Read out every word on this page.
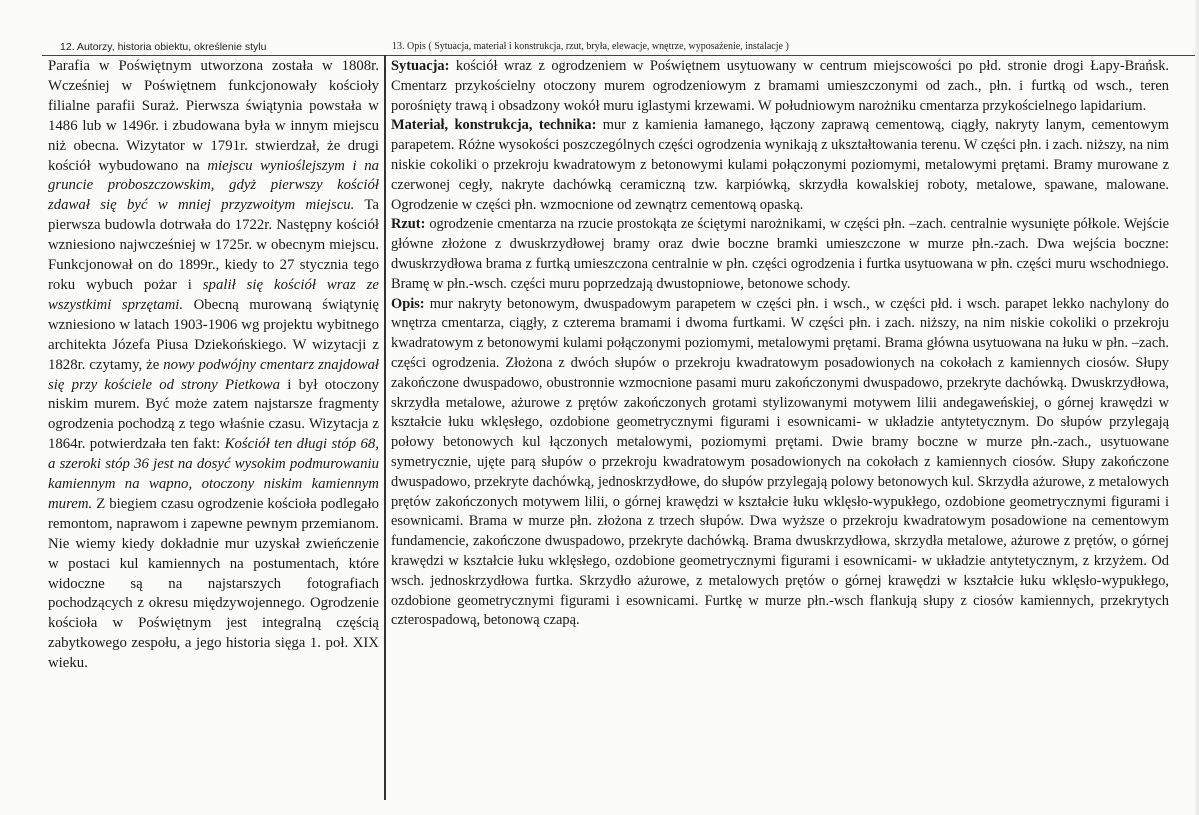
12. Autorzy, historia obiektu, określenie stylu	13. Opis ( Sytuacja, materiał i konstrukcja, rzut, bryła, elewacje, wnętrze, wyposażenie, instalacje )
Parafia w Poświętnym utworzona została w 1808r. Wcześniej w Poświętnem funkcjonowały kościoły filialne parafii Suraż. Pierwsza świątynia powstała w 1486 lub w 1496r. i zbudowana była w innym miejscu niż obecna. Wizytator w 1791r. stwierdzał, że drugi kościół wybudowano na miejscu wynioślejszym i na gruncie proboszczowskim, gdyż pierwszy kościół zdawał się być w mniej przyzwoitym miejscu. Ta pierwsza budowla dotrwała do 1722r. Następny kościół wzniesiono najwcześniej w 1725r. w obecnym miejscu. Funkcjonował on do 1899r., kiedy to 27 stycznia tego roku wybuch pożar i spalił się kościół wraz ze wszystkimi sprzętami. Obecną murowaną świątynię wzniesiono w latach 1903-1906 wg projektu wybitnego architekta Józefa Piusa Dziekońskiego. W wizytacji z 1828r. czytamy, że nowy podwójny cmentarz znajdował się przy kościele od strony Pietkowa i był otoczony niskim murem. Być może zatem najstarsze fragmenty ogrodzenia pochodzą z tego właśnie czasu. Wizytacja z 1864r. potwierdzała ten fakt: Kościół ten długi stóp 68, a szeroki stóp 36 jest na dosyć wysokim podmurowaniu kamiennym na wapno, otoczony niskim kamiennym murem. Z biegiem czasu ogrodzenie kościoła podlegało remontom, naprawom i zapewne pewnym przemianom. Nie wiemy kiedy dokładnie mur uzyskał zwieńczenie w postaci kul kamiennych na postumentach, które widoczne są na najstarszych fotografiach pochodzących z okresu międzywojennego. Ogrodzenie kościoła w Poświętnym jest integralną częścią zabytkowego zespołu, a jego historia sięga 1. poł. XIX wieku.

Sytuacja: kościół wraz z ogrodzeniem w Poświętnem usytuowany w centrum miejscowości po płd. stronie drogi Łapy-Brańsk. Cmentarz przykościelny otoczony murem ogrodzeniowym z bramami umieszczonymi od zach., płn. i furtką od wsch., teren porośnięty trawą i obsadzony wokół muru iglastymi krzewami. W południowym narożniku cmentarza przykościelnego lapidarium.

Materiał, konstrukcja, technika: mur z kamienia łamanego, łączony zaprawą cementową, ciągły, nakryty lanym, cementowym parapetem. Różne wysokości poszczególnych części ogrodzenia wynikają z ukształtowania terenu. W części płn. i zach. niższy, na nim niskie cokoliki o przekroju kwadratowym z betonowymi kulami połączonymi poziomymi, metalowymi prętami. Bramy murowane z czerwonej cegły, nakryte dachówką ceramiczną tzw. karpiówką, skrzydła kowalskiej roboty, metalowe, spawane, malowane. Ogrodzenie w części płn. wzmocnione od zewnątrz cementową opaską.

Rzut: ogrodzenie cmentarza na rzucie prostokąta ze ściętymi narożnikami, w części płn. –zach. centralnie wysunięte półkole. Wejście główne złożone z dwuskrzydłowej bramy oraz dwie boczne bramki umieszczone w murze płn.-zach. Dwa wejścia boczne: dwuskrzydłowa brama z furtką umieszczona centralnie w płn. części ogrodzenia i furtka usytuowana w płn. części muru wschodniego. Bramę w płn.-wsch. części muru poprzedzają dwustopniowe, betonowe schody.

Opis: mur nakryty betonowym, dwuspadowym parapetem w części płn. i wsch., w części płd. i wsch. parapet lekko nachylony do wnętrza cmentarza, ciągły, z czterema bramami i dwoma furtkami. W części płn. i zach. niższy, na nim niskie cokoliki o przekroju kwadratowym z betonowymi kulami połączonymi poziomymi, metalowymi prętami. Brama główna usytuowana na łuku w płn. –zach. części ogrodzenia. Złożona z dwóch słupów o przekroju kwadratowym posadowionych na cokołach z kamiennych ciosów. Słupy zakończone dwuspadowo, obustronnie wzmocnione pasami muru zakończonymi dwuspadowo, przekryte dachówką. Dwuskrzydłowa, skrzydła metalowe, ażurowe z prętów zakończonych grotami stylizowanymi motywem lilii andegaweńskiej, o górnej krawędzi w kształcie łuku wklęsłego, ozdobione geometrycznymi figurami i esownicami- w układzie antytetycznym. Do słupów przylegają połowy betonowych kul łączonych metalowymi, poziomymi prętami. Dwie bramy boczne w murze płn.-zach., usytuowane symetrycznie, ujęte parą słupów o przekroju kwadratowym posadowionych na cokołach z kamiennych ciosów. Słupy zakończone dwuspadowo, przekryte dachówką, jednoskrzydłowe, do słupów przylegają polowy betonowych kul. Skrzydła ażurowe, z metalowych prętów zakończonych motywem lilii, o górnej krawędzi w kształcie łuku wklęsło-wypukłego, ozdobione geometrycznymi figurami i esownicami. Brama w murze płn. złożona z trzech słupów. Dwa wyższe o przekroju kwadratowym posadowione na cementowym fundamencie, zakończone dwuspadowo, przekryte dachówką. Brama dwuskrzydłowa, skrzydła metalowe, ażurowe z prętów, o górnej krawędzi w kształcie łuku wklęsłego, ozdobione geometrycznymi figurami i esownicami- w układzie antytetycznym, z krzyżem. Od wsch. jednoskrzydłowa furtka. Skrzydło ażurowe, z metalowych prętów o górnej krawędzi w kształcie łuku wklęsło-wypukłego, ozdobione geometrycznymi figurami i esownicami. Furtkę w murze płn.-wsch flankują słupy z ciosów kamiennych, przekrytych czterospadową, betonową czapą.
